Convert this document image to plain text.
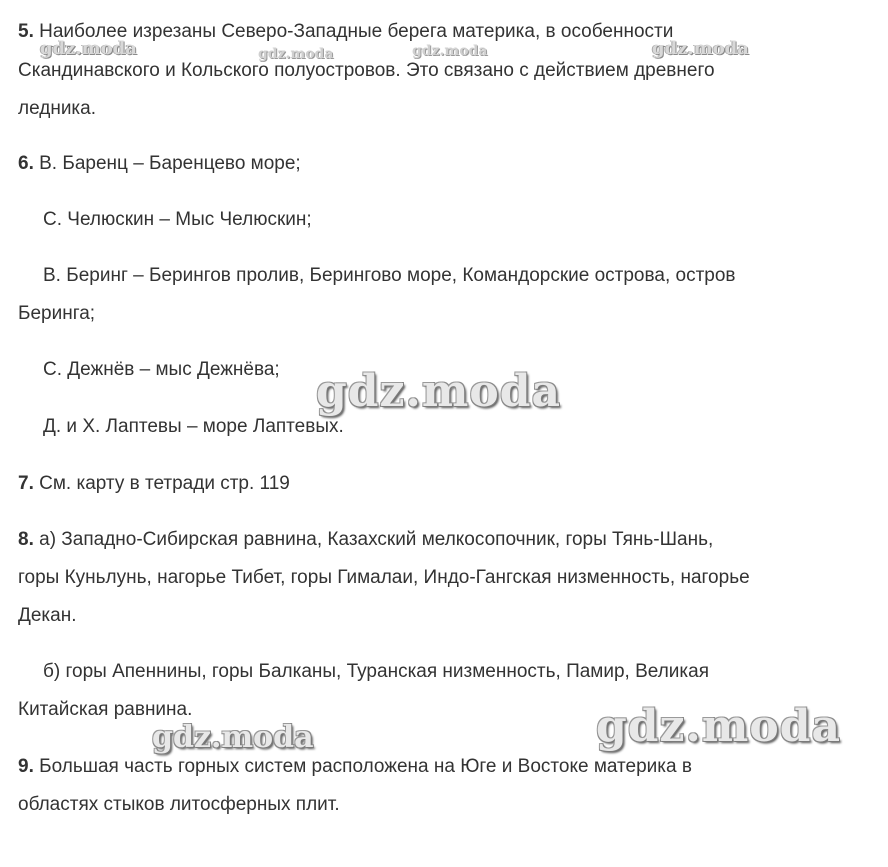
5. Наиболее изрезаны Северо-Западные берега материка, в особенности
Скандинавского и Кольского полуостровов. Это связано с действием древнего
ледника.
6. В. Баренц – Баренцево море;
С. Челюскин – Мыс Челюскин;
В. Беринг – Берингов пролив, Берингово море, Командорские острова, остров
Беринга;
С. Дежнёв – мыс Дежнёва;
Д. и Х. Лаптевы – море Лаптевых.
7. См. карту в тетради стр. 119
8. а) Западно-Сибирская равнина, Казахский мелкосопочник, горы Тянь-Шань,
горы Куньлунь, нагорье Тибет, горы Гималаи, Индо-Гангская низменность, нагорье
Декан.
б) горы Апеннины, горы Балканы, Туранская низменность, Памир, Великая
Китайская равнина.
9. Большая часть горных систем расположена на Юге и Востоке материка в
областях стыков литосферных плит.
gdz.moda	gdz.moda	gdz.moda	gdz.moda
gdz.moda
gdz.moda
gdz.moda
